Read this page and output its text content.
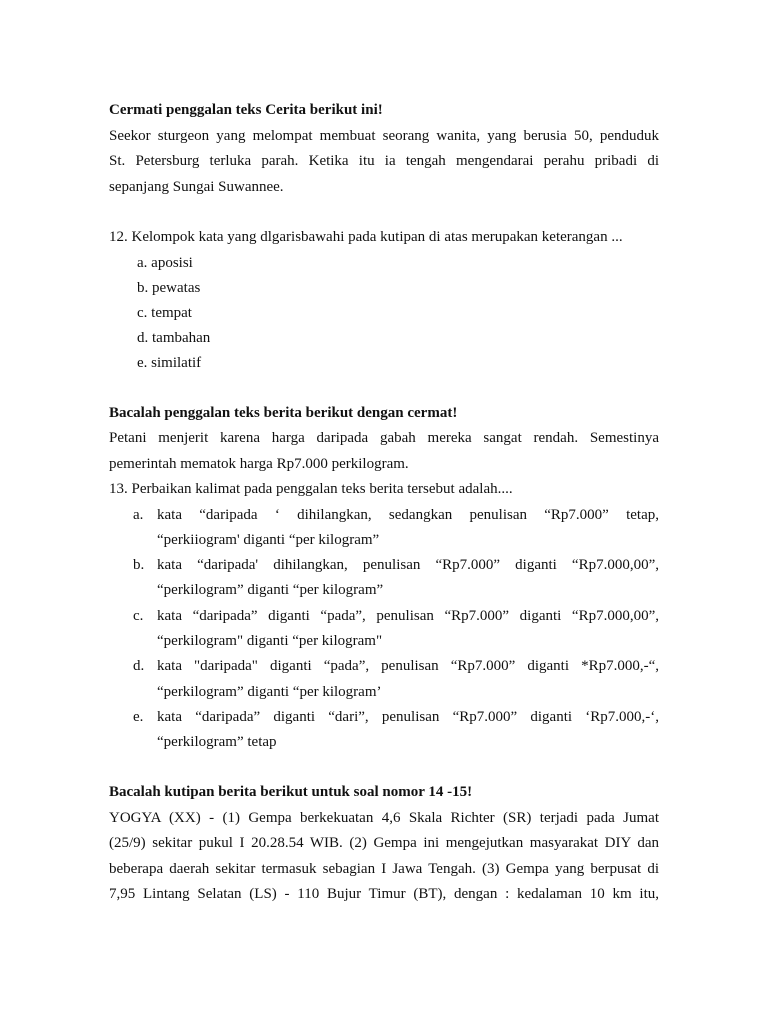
Cermati penggalan teks Cerita berikut ini!
Seekor sturgeon yang melompat membuat seorang wanita, yang berusia 50, penduduk
St. Petersburg terluka parah. Ketika itu ia tengah mengendarai perahu pribadi di
sepanjang Sungai Suwannee.
12. Kelompok kata yang dlgarisbawahi pada kutipan di atas merupakan keterangan ...
a. aposisi
b. pewatas
c. tempat
d. tambahan
e. similatif
Bacalah penggalan teks berita berikut dengan cermat!
Petani menjerit karena harga daripada gabah mereka sangat rendah. Semestinya
pemerintah mematok harga Rp7.000 perkilogram.
13. Perbaikan kalimat pada penggalan teks berita tersebut adalah....
a. kata “daripada ‘ dihilangkan, sedangkan penulisan “Rp7.000” tetap,
“perkiiogram' diganti “per kilogram”
b. kata “daripada' dihilangkan, penulisan “Rp7.000” diganti “Rp7.000,00”,
“perkilogram” diganti “per kilogram”
c. kata “daripada” diganti “pada”, penulisan “Rp7.000” diganti “Rp7.000,00”,
“perkilogram" diganti “per kilogram"
d. kata "daripada" diganti “pada”, penulisan “Rp7.000” diganti *Rp7.000,-“,
“perkilogram” diganti “per kilogram’
e. kata “daripada” diganti “dari”, penulisan “Rp7.000” diganti ‘Rp7.000,-‘,
“perkilogram” tetap
Bacalah kutipan berita berikut untuk soal nomor 14 -15!
YOGYA (XX) - (1) Gempa berkekuatan 4,6 Skala Richter (SR) terjadi pada Jumat
(25/9) sekitar pukul I 20.28.54 WIB. (2) Gempa ini mengejutkan masyarakat DIY dan
beberapa daerah sekitar termasuk sebagian I Jawa Tengah. (3) Gempa yang berpusat di
7,95 Lintang Selatan (LS) - 110 Bujur Timur (BT), dengan : kedalaman 10 km itu,
